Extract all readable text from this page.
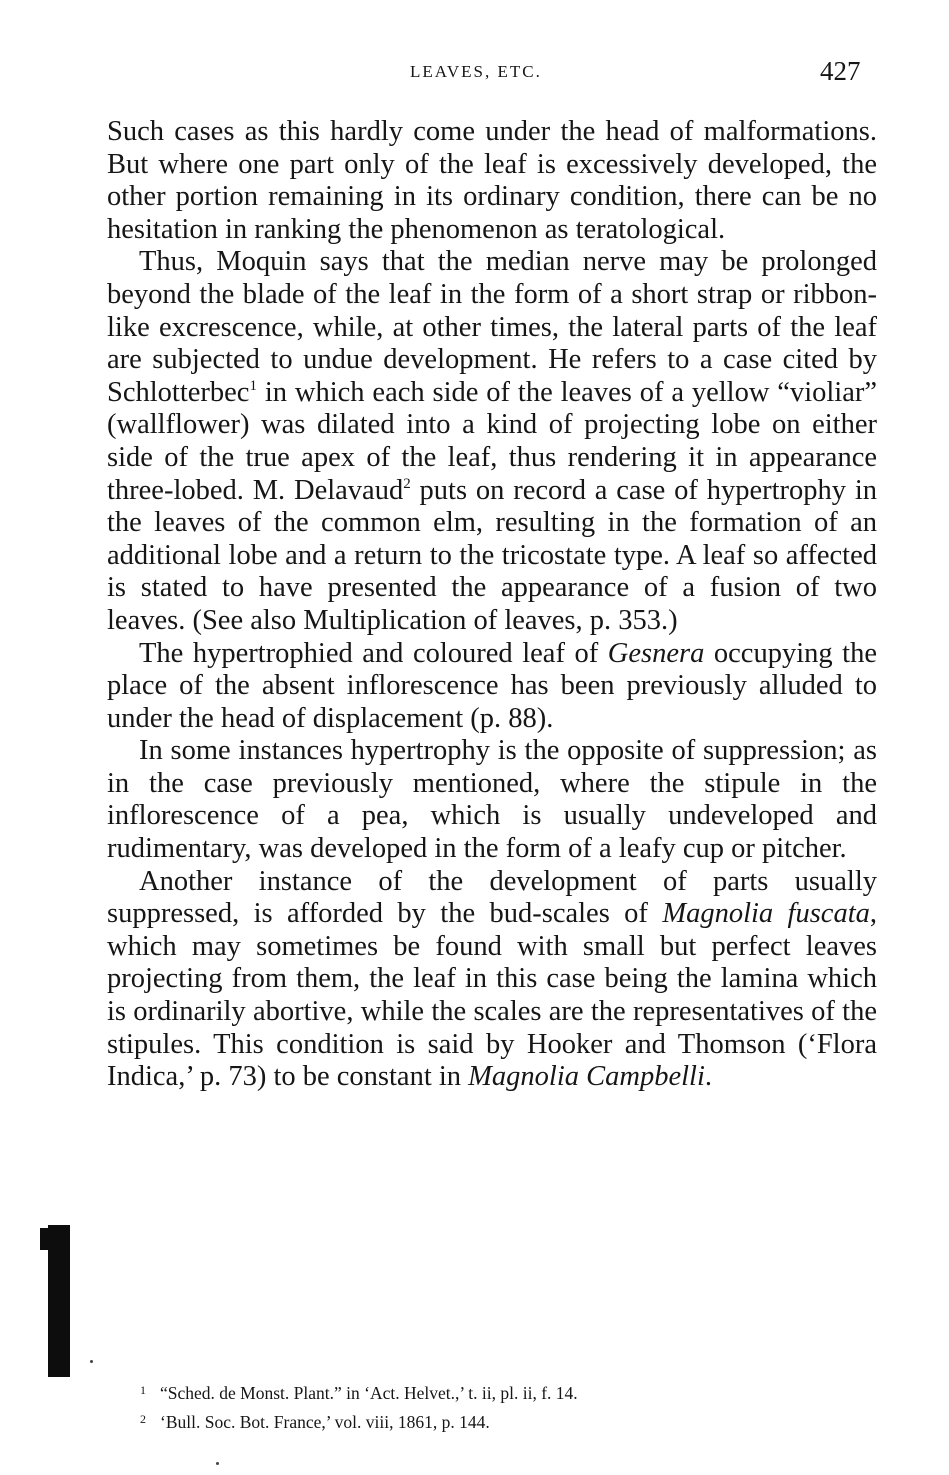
LEAVES, ETC.	427

Such cases as this hardly come under the head of malformations. But where one part only of the leaf is excessively developed, the other portion remaining in its ordinary condition, there can be no hesitation in ranking the phenomenon as teratological.

Thus, Moquin says that the median nerve may be prolonged beyond the blade of the leaf in the form of a short strap or ribbon-like excrescence, while, at other times, the lateral parts of the leaf are subjected to undue development. He refers to a case cited by Schlotterbec$^1$ in which each side of the leaves of a yellow “violiar” (wallflower) was dilated into a kind of projecting lobe on either side of the true apex of the leaf, thus rendering it in appearance three-lobed. M. Delavaud$^2$ puts on record a case of hypertrophy in the leaves of the common elm, resulting in the formation of an additional lobe and a return to the tricostate type. A leaf so affected is stated to have presented the appearance of a fusion of two leaves. (See also Multiplication of leaves, p. 353.)

The hypertrophied and coloured leaf of Gesnera occupying the place of the absent inflorescence has been previously alluded to under the head of displacement (p. 88).

In some instances hypertrophy is the opposite of suppression; as in the case previously mentioned, where the stipule in the inflorescence of a pea, which is usually undeveloped and rudimentary, was developed in the form of a leafy cup or pitcher.

Another instance of the development of parts usually suppressed, is afforded by the bud-scales of Magnolia fuscata, which may sometimes be found with small but perfect leaves projecting from them, the leaf in this case being the lamina which is ordinarily abortive, while the scales are the representatives of the stipules. This condition is said by Hooker and Thomson (‘Flora Indica,’ p. 73) to be constant in Magnolia Campbelli.

1 “Sched. de Monst. Plant.” in ‘Act. Helvet.,’ t. ii, pl. ii, f. 14.
2 ‘Bull. Soc. Bot. France,’ vol. viii, 1861, p. 144.
